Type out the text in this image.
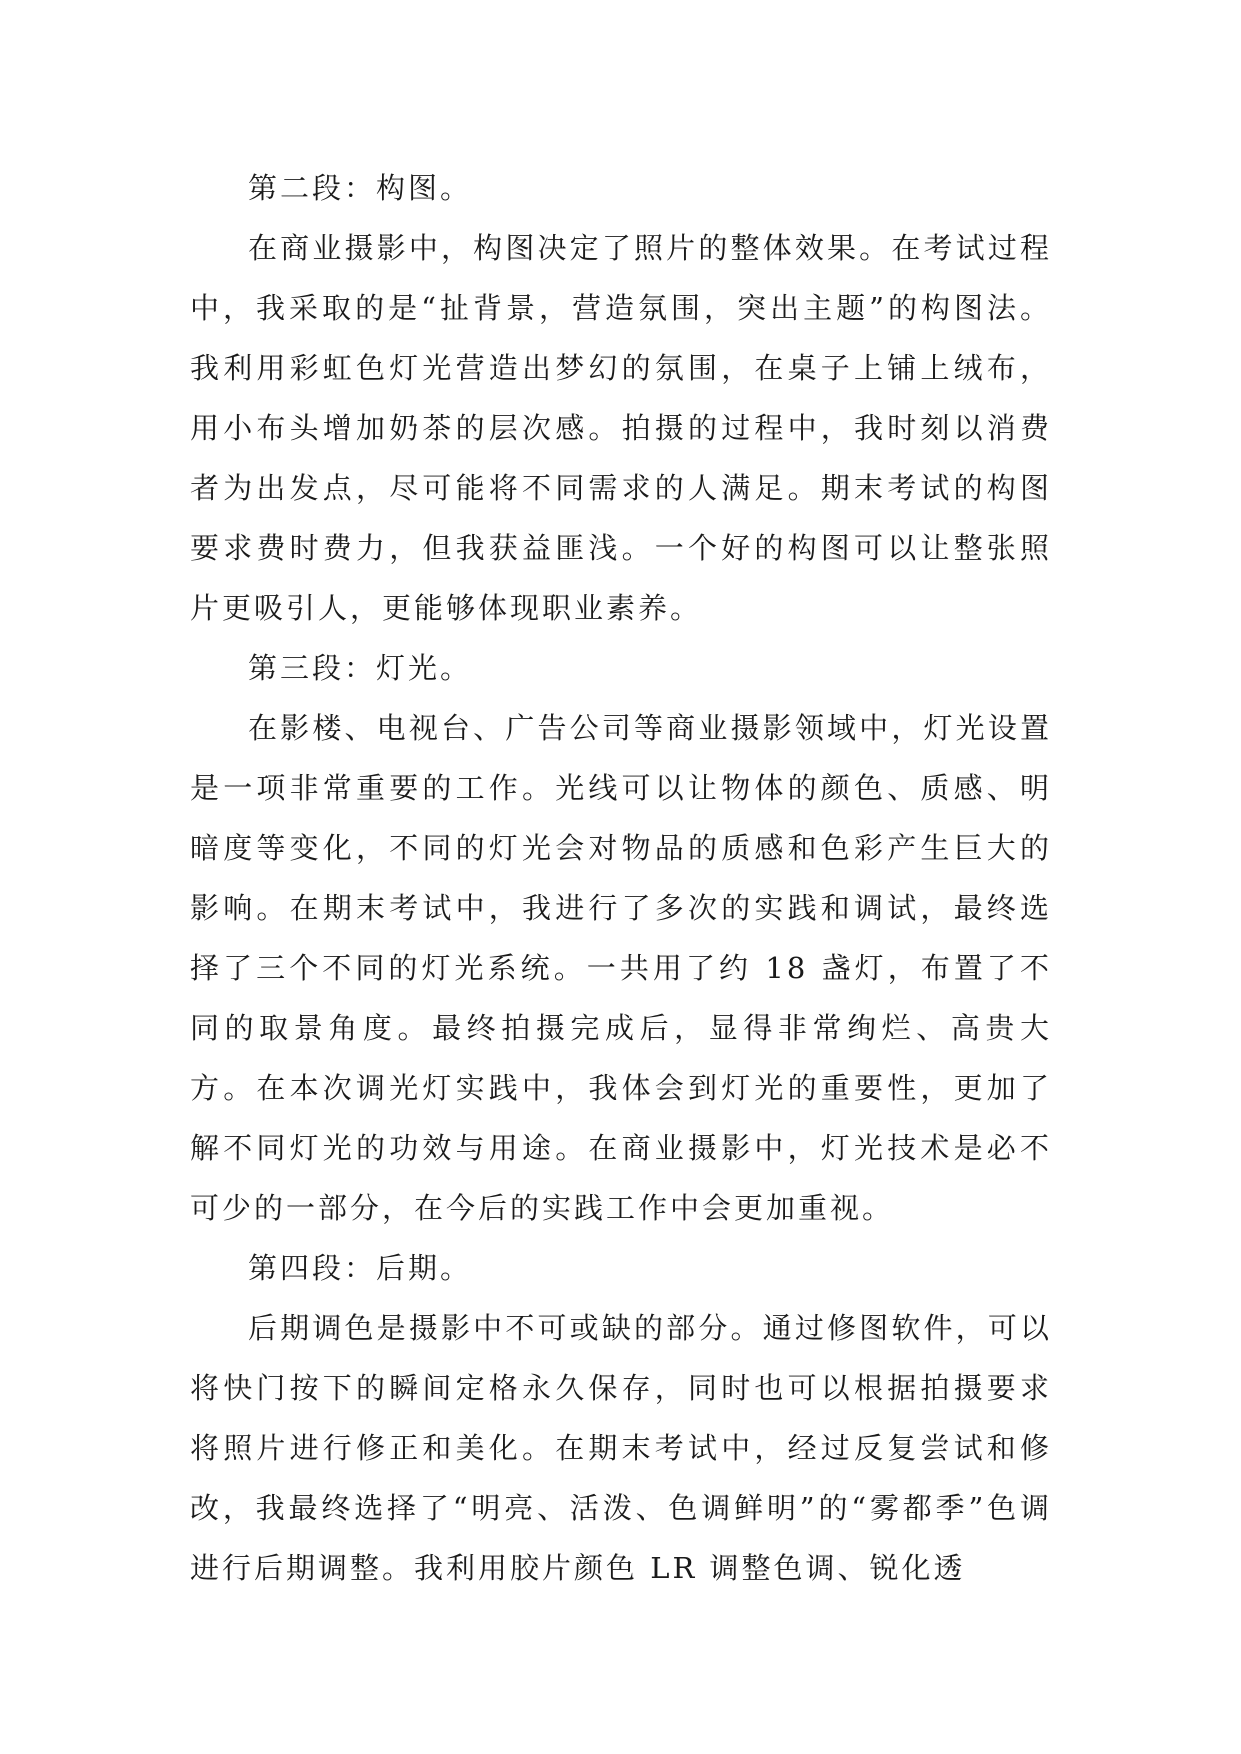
第二段：构图。

在商业摄影中，构图决定了照片的整体效果。在考试过程中，我采取的是“扯背景，营造氛围，突出主题”的构图法。我利用彩虹色灯光营造出梦幻的氛围，在桌子上铺上绒布，用小布头增加奶茶的层次感。拍摄的过程中，我时刻以消费者为出发点，尽可能将不同需求的人满足。期末考试的构图要求费时费力，但我获益匪浅。一个好的构图可以让整张照片更吸引人，更能够体现职业素养。

第三段：灯光。

在影楼、电视台、广告公司等商业摄影领域中，灯光设置是一项非常重要的工作。光线可以让物体的颜色、质感、明暗度等变化，不同的灯光会对物品的质感和色彩产生巨大的影响。在期末考试中，我进行了多次的实践和调试，最终选择了三个不同的灯光系统。一共用了约 18 盏灯，布置了不同的取景角度。最终拍摄完成后，显得非常绚烂、高贵大方。在本次调光灯实践中，我体会到灯光的重要性，更加了解不同灯光的功效与用途。在商业摄影中，灯光技术是必不可少的一部分，在今后的实践工作中会更加重视。

第四段：后期。

后期调色是摄影中不可或缺的部分。通过修图软件，可以将快门按下的瞬间定格永久保存，同时也可以根据拍摄要求将照片进行修正和美化。在期末考试中，经过反复尝试和修改，我最终选择了“明亮、活泼、色调鲜明”的“雾都季”色调进行后期调整。我利用胶片颜色 LR 调整色调、锐化透
